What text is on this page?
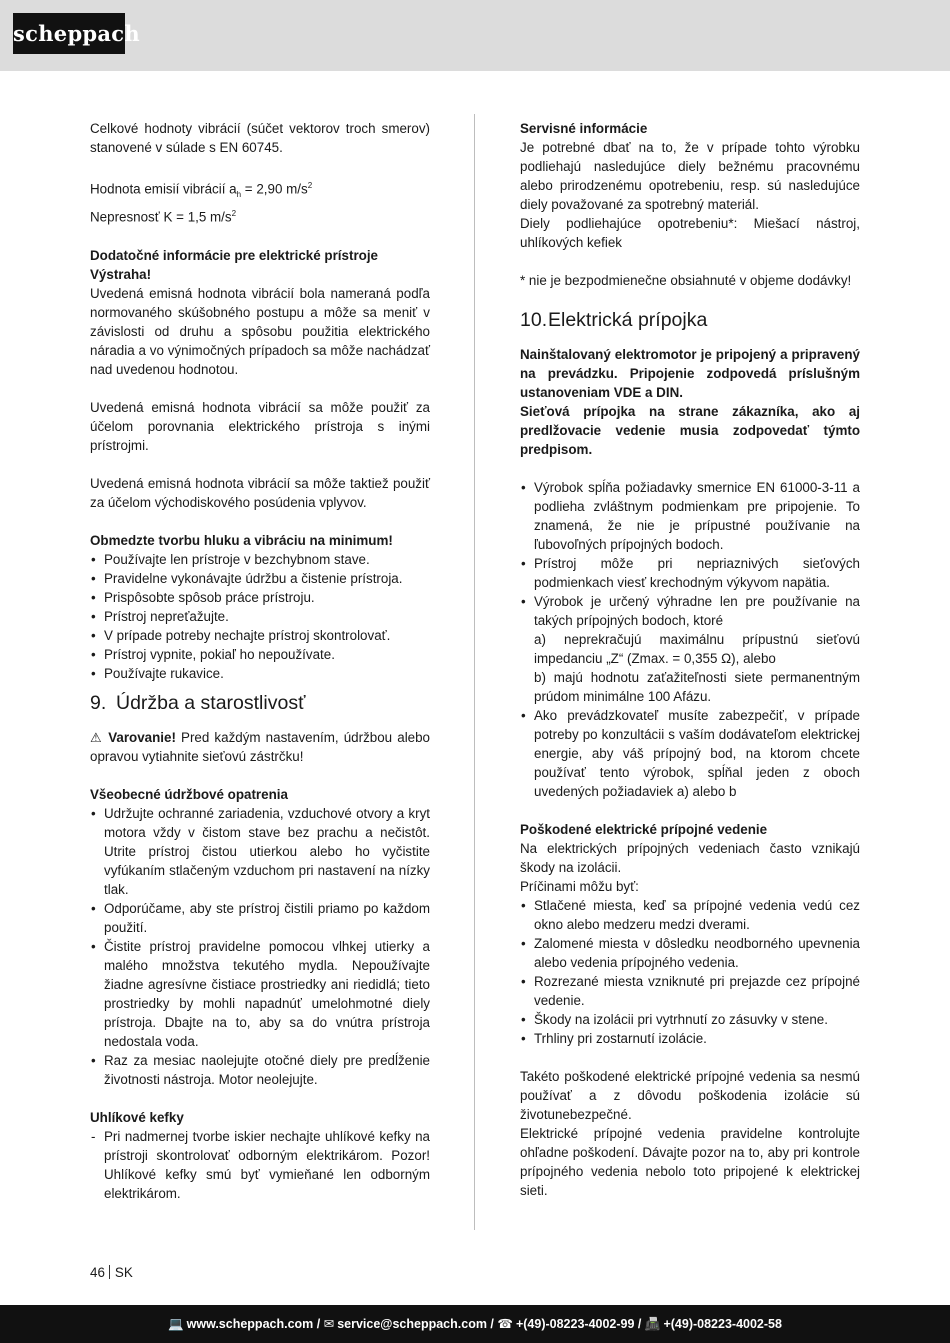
scheppach

Celkové hodnoty vibrácií (súčet vektorov troch smerov) stanovené v súlade s EN 60745.

Hodnota emisií vibrácií $a_h = 2,90$ $m/s^2$

Nepresnosť K = 1,5 $m/s^2$

Dodatočné informácie pre elektrické prístroje

Výstraha!

Uvedená emisná hodnota vibrácií bola nameraná podľa normovaného skúšobného postupu a môže sa meniť v závislosti od druhu a spôsobu použitia elektrického náradia a vo výnimočných prípadoch sa môže nachádzať nad uvedenou hodnotou.

Uvedená emisná hodnota vibrácií sa môže použiť za účelom porovnania elektrického prístroja s inými prístrojmi.

Uvedená emisná hodnota vibrácií sa môže taktiež použiť za účelom východiskového posúdenia vplyvov.

Obmedzte tvorbu hluku a vibráciu na minimum!

• Používajte len prístroje v bezchybnom stave.
• Pravidelne vykonávajte údržbu a čistenie prístroja.
• Prispôsobte spôsob práce prístroju.
• Prístroj nepreťažujte.
• V prípade potreby nechajte prístroj skontrolovať.
• Prístroj vypnite, pokiaľ ho nepoužívate.
• Používajte rukavice.
9. Údržba a starostlivosť

⚠ Varovanie! Pred každým nastavením, údržbou alebo opravou vytiahnite sieťovú zástrčku!

Všeobecné údržbové opatrenia

• Udržujte ochranné zariadenia, vzduchové otvory a kryt motora vždy v čistom stave bez prachu a nečistôt. Utrite prístroj čistou utierkou alebo ho vyčistite vyfúkaním stlačeným vzduchom pri nastavení na nízky tlak.
• Odporúčame, aby ste prístroj čistili priamo po každom použití.
• Čistite prístroj pravidelne pomocou vlhkej utierky a malého množstva tekutého mydla. Nepoužívajte žiadne agresívne čistiace prostriedky ani riedidlá; tieto prostriedky by mohli napadnúť umelohmotné diely prístroja. Dbajte na to, aby sa do vnútra prístroja nedostala voda.
• Raz za mesiac naolejujte otočné diely pre predĺženie životnosti nástroja. Motor neolejujte.

Uhlíkové kefky

- Pri nadmernej tvorbe iskier nechajte uhlíkové kefky na prístroji skontrolovať odborným elektrikárom. Pozor! Uhlíkové kefky smú byť vymieňané len odborným elektrikárom.

Servisné informácie

Je potrebné dbať na to, že v prípade tohto výrobku podliehajú nasledujúce diely bežnému pracovnému alebo prirodzenému opotrebeniu, resp. sú nasledujúce diely považované za spotrebný materiál.

Diely podliehajúce opotrebeniu*: Miešací nástroj, uhlíkových kefiek

* nie je bezpodmienečne obsiahnuté v objeme dodávky!

10.Elektrická prípojka

Nainštalovaný elektromotor je pripojený a pripravený na prevádzku. Pripojenie zodpovedá príslušným ustanoveniam VDE a DIN.

Sieťová prípojka na strane zákazníka, ako aj predlžovacie vedenie musia zodpovedať týmto predpisom.

• Výrobok spĺňa požiadavky smernice EN 61000-3-11 a podlieha zvláštnym podmienkam pre pripojenie. To znamená, že nie je prípustné používanie na ľubovoľných prípojných bodoch.
• Prístroj môže pri nepriaznivých sieťových podmienkach viesť krechodným výkyvom napätia.
• Výrobok je určený výhradne len pre používanie na takých prípojných bodoch, ktoré
a) neprekračujú maximálnu prípustnú sieťovú impedanciu „Z“ (Zmax. = 0,355 Ω), alebo
b) majú hodnotu zaťažiteľnosti siete permanentným prúdom minimálne 100 Afázu.
• Ako prevádzkovateľ musíte zabezpečiť, v prípade potreby po konzultácii s vaším dodávateľom elektrickej energie, aby váš prípojný bod, na ktorom chcete používať tento výrobok, spĺňal jeden z oboch uvedených požiadaviek a) alebo b

Poškodené elektrické prípojné vedenie

Na elektrických prípojných vedeniach často vznikajú škody na izolácii.

Príčinami môžu byť:

• Stlačené miesta, keď sa prípojné vedenia vedú cez okno alebo medzeru medzi dverami.
• Zalomené miesta v dôsledku neodborného upevnenia alebo vedenia prípojného vedenia.
• Rozrezané miesta vzniknuté pri prejazde cez prípojné vedenie.
• Škody na izolácii pri vytrhnutí zo zásuvky v stene.
• Trhliny pri zostarnutí izolácie.

Takéto poškodené elektrické prípojné vedenia sa nesmú používať a z dôvodu poškodenia izolácie sú životunebezpečné.

Elektrické prípojné vedenia pravidelne kontrolujte ohľadne poškodení. Dávajte pozor na to, aby pri kontrole prípojného vedenia nebolo toto pripojené k elektrickej sieti.

46 SK
💻 www.scheppach.com / ✉ service@scheppach.com / ☎ +(49)-08223-4002-99 / 📠 +(49)-08223-4002-58
